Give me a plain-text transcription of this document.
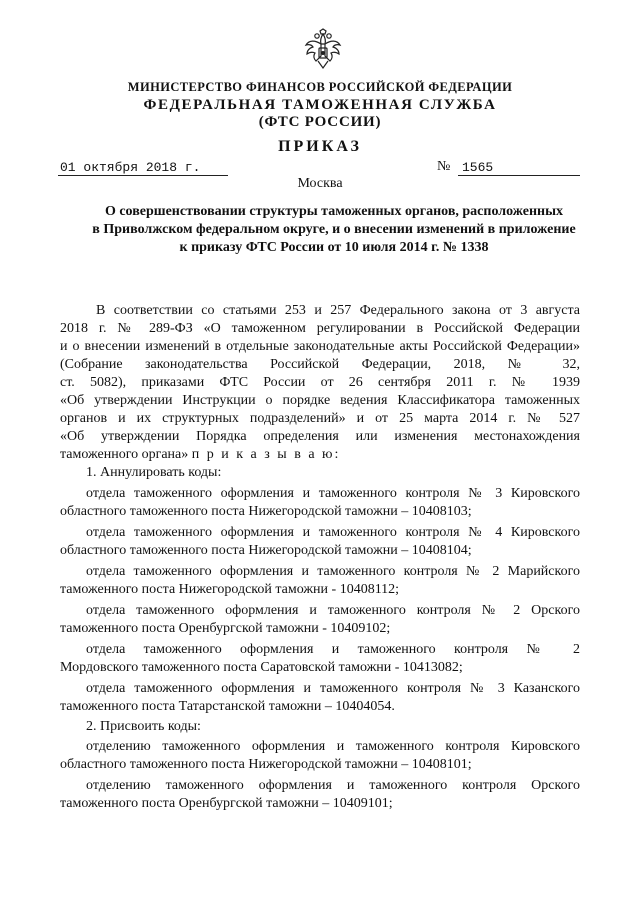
МИНИСТЕРСТВО ФИНАНСОВ РОССИЙСКОЙ ФЕДЕРАЦИИ
ФЕДЕРАЛЬНАЯ ТАМОЖЕННАЯ СЛУЖБА
(ФТС РОССИИ)
ПРИКАЗ
01 октября 2018 г.	№ 1565
Москва
О совершенствовании структуры таможенных органов, расположенных
в Приволжском федеральном округе, и о внесении изменений в приложение
к приказу ФТС России от 10 июля 2014 г. № 1338
В соответствии со статьями 253 и 257 Федерального закона от 3 августа
2018 г. № 289-ФЗ «О таможенном регулировании в Российской Федерации
и о внесении изменений в отдельные законодательные акты Российской Федерации»
(Собрание законодательства Российской Федерации, 2018, № 32,
ст. 5082), приказами ФТС России от 26 сентября 2011 г. № 1939
«Об утверждении Инструкции о порядке ведения Классификатора таможенных
органов и их структурных подразделений» и от 25 марта 2014 г. № 527
«Об утверждении Порядка определения или изменения местонахождения
таможенного органа» п р и к а з ы в а ю:
1. Аннулировать коды:
отдела таможенного оформления и таможенного контроля № 3 Кировского
областного таможенного поста Нижегородской таможни – 10408103;
отдела таможенного оформления и таможенного контроля № 4 Кировского
областного таможенного поста Нижегородской таможни – 10408104;
отдела таможенного оформления и таможенного контроля № 2 Марийского
таможенного поста Нижегородской таможни - 10408112;
отдела таможенного оформления и таможенного контроля № 2 Орского
таможенного поста Оренбургской таможни - 10409102;
отдела таможенного оформления и таможенного контроля № 2
Мордовского таможенного поста Саратовской таможни - 10413082;
отдела таможенного оформления и таможенного контроля № 3 Казанского
таможенного поста Татарстанской таможни – 10404054.
2. Присвоить коды:
отделению таможенного оформления и таможенного контроля Кировского
областного таможенного поста Нижегородской таможни – 10408101;
отделению таможенного оформления и таможенного контроля Орского
таможенного поста Оренбургской таможни – 10409101;
